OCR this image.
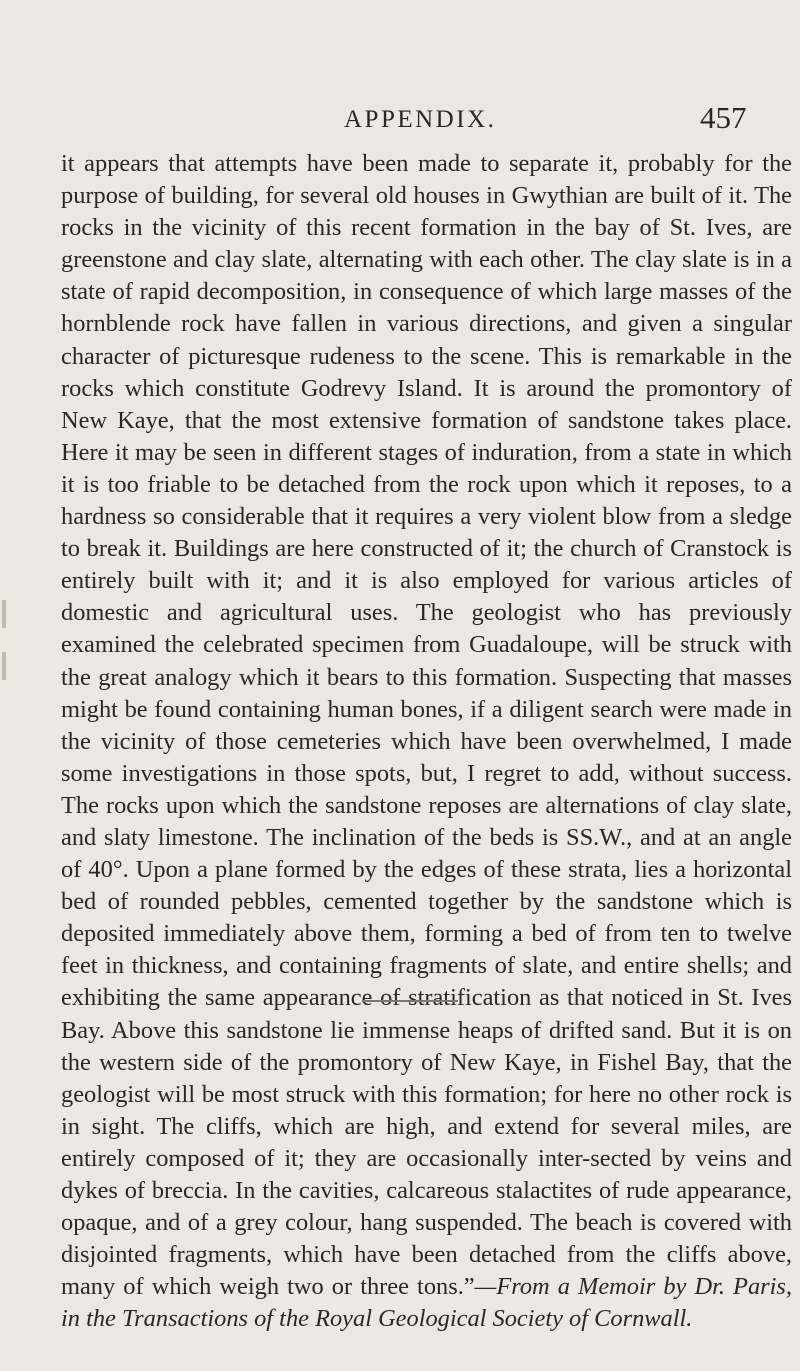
APPENDIX.	457

it appears that attempts have been made to separate it, probably for the purpose of building, for several old houses in Gwythian are built of it. The rocks in the vicinity of this recent formation in the bay of St. Ives, are greenstone and clay slate, alternating with each other. The clay slate is in a state of rapid decomposition, in consequence of which large masses of the hornblende rock have fallen in various directions, and given a singular character of picturesque rudeness to the scene. This is remarkable in the rocks which constitute Godrevy Island. It is around the promontory of New Kaye, that the most extensive formation of sandstone takes place. Here it may be seen in different stages of induration, from a state in which it is too friable to be detached from the rock upon which it reposes, to a hardness so considerable that it requires a very violent blow from a sledge to break it. Buildings are here constructed of it; the church of Cranstock is entirely built with it; and it is also employed for various articles of domestic and agricultural uses. The geologist who has previously examined the celebrated specimen from Guadaloupe, will be struck with the great analogy which it bears to this formation. Suspecting that masses might be found containing human bones, if a diligent search were made in the vicinity of those cemeteries which have been overwhelmed, I made some investigations in those spots, but, I regret to add, without success. The rocks upon which the sandstone reposes are alternations of clay slate, and slaty limestone. The inclination of the beds is SS.W., and at an angle of 40°. Upon a plane formed by the edges of these strata, lies a horizontal bed of rounded pebbles, cemented together by the sandstone which is deposited immediately above them, forming a bed of from ten to twelve feet in thickness, and containing fragments of slate, and entire shells; and exhibiting the same appearance of stratification as that noticed in St. Ives Bay. Above this sandstone lie immense heaps of drifted sand. But it is on the western side of the promontory of New Kaye, in Fishel Bay, that the geologist will be most struck with this formation; for here no other rock is in sight. The cliffs, which are high, and extend for several miles, are entirely composed of it; they are occasionally inter-sected by veins and dykes of breccia. In the cavities, calcareous stalactites of rude appearance, opaque, and of a grey colour, hang suspended. The beach is covered with disjointed fragments, which have been detached from the cliffs above, many of which weigh two or three tons.”—From a Memoir by Dr. Paris, in the Transactions of the Royal Geological Society of Cornwall.
